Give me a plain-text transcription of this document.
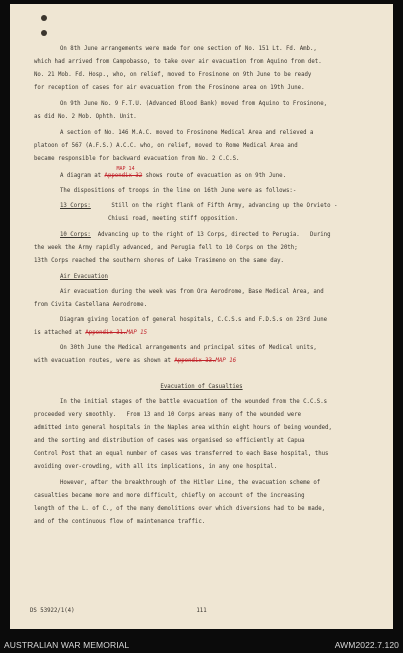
On 8th June arrangements were made for one section of No. 151 Lt. Fd. Amb.,
which had arrived from Campobasso, to take over air evacuation from Aquino from det.
No. 21 Mob. Fd. Hosp., who, on relief, moved to Frosinone on 9th June to be ready
for reception of cases for air evacuation from the Frosinone area on 19th June.
On 9th June No. 9 F.T.U. (Advanced Blood Bank) moved from Aquino to Frosinone,
as did No. 2 Mob. Ophth. Unit.
A section of No. 146 M.A.C. moved to Frosinone Medical Area and relieved a
platoon of 567 (A.F.S.) A.C.C. who, on relief, moved to Rome Medical Area and
became responsible for backward evacuation from No. 2 C.C.S.
A diagram at
MAP 14
Appendix 32 shows route of evacuation as on 9th June.
The dispositions of troops in the line on 16th June were as follows:-
13 Corps:	Still on the right flank of Fifth Army, advancing up the Orvieto -
Chiusi road, meeting stiff opposition.
10 Corps: Advancing up to the right of 13 Corps, directed to Perugia.   During
the week the Army rapidly advanced, and Perugia fell to 10 Corps on the 20th;
13th Corps reached the southern shores of Lake Trasimeno on the same day.
Air Evacuation
Air evacuation during the week was from Ora Aerodrome, Base Medical Area, and
from Civita Castellana Aerodrome.
Diagram giving location of general hospitals, C.C.S.s and F.D.S.s on 23rd June
is attached at Appendix 31.MAP 15
On 30th June the Medical arrangements and principal sites of Medical units,
with evacuation routes, were as shown at Appendix 33.MAP 16
Evacuation of Casualties
In the initial stages of the battle evacuation of the wounded from the C.C.S.s
proceeded very smoothly.   From 13 and 10 Corps areas many of the wounded were
admitted into general hospitals in the Naples area within eight hours of being wounded,
and the sorting and distribution of cases was organised so efficiently at Capua
Control Post that an equal number of cases was transferred to each Base hospital, thus
avoiding over-crowding, with all its implications, in any one hospital.
However, after the breakthrough of the Hitler Line, the evacuation scheme of
casualties became more and more difficult, chiefly on account of the increasing
length of the L. of C., of the many demolitions over which diversions had to be made,
and of the continuous flow of maintenance traffic.
DS 53922/1(4)	111
AUSTRALIAN WAR MEMORIAL	AWM2022.7.120
